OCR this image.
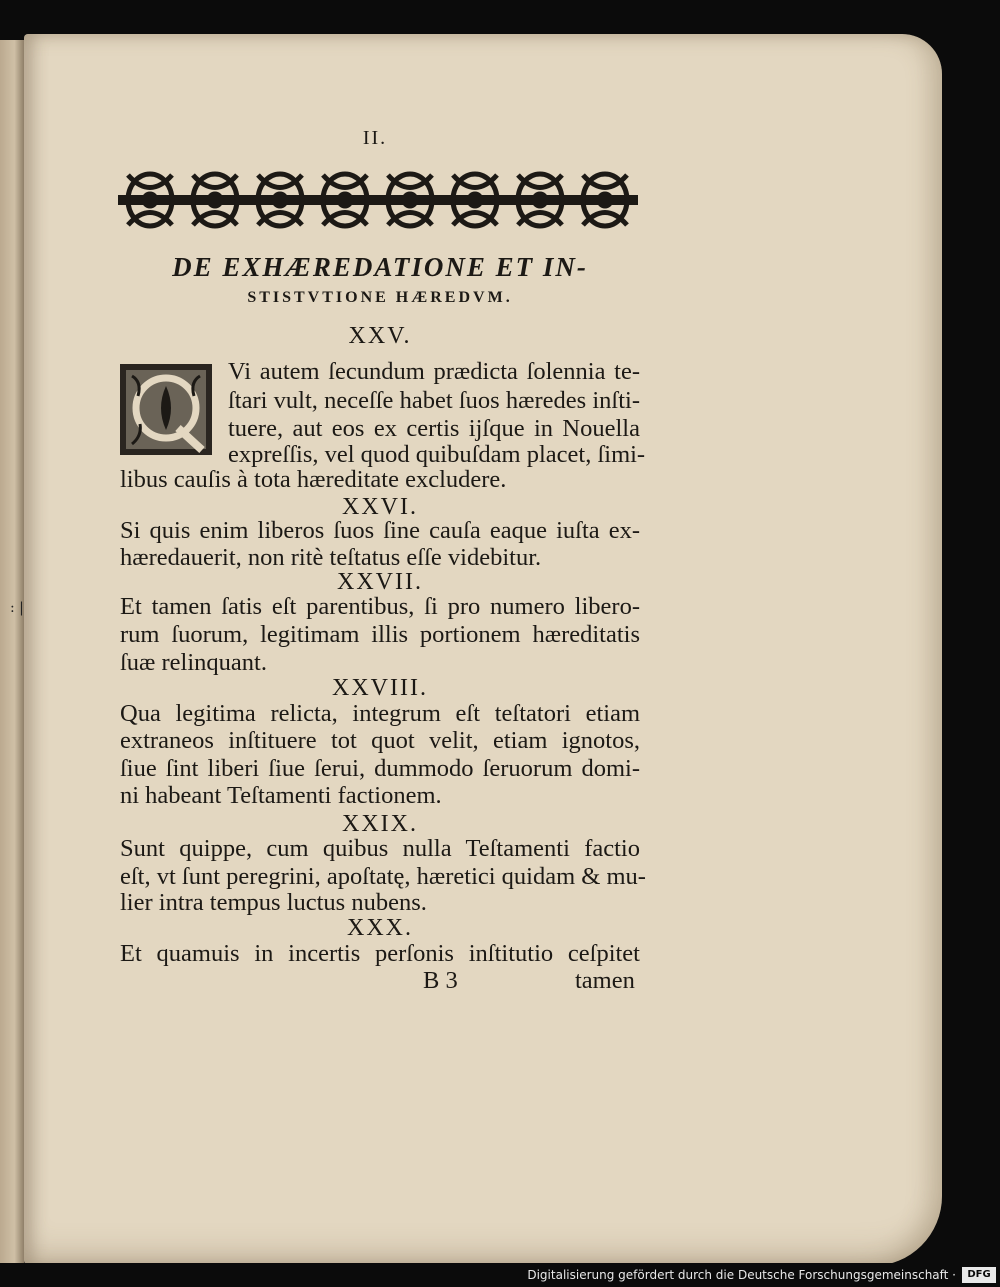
: |
II.
DE EXHÆREDATIONE ET IN-
STISTVTIONE HÆREDVM.
XXV.
Vi autem ſecundum prædicta ſolennia te-
ſtari vult, neceſſe habet ſuos hæredes inſti-
tuere, aut eos ex certis ijſque in Nouella
expreſſis, vel quod quibuſdam placet, ſimi-
libus cauſis à tota hæreditate excludere.
XXVI.
Si quis enim liberos ſuos ſine cauſa eaque iuſta ex-
hæredauerit, non ritè teſtatus eſſe videbitur.
XXVII.
Et tamen ſatis eſt parentibus, ſi pro numero libero-
rum ſuorum, legitimam illis portionem hæreditatis
ſuæ relinquant.
XXVIII.
Qua legitima relicta, integrum eſt teſtatori etiam
extraneos inſtituere tot quot velit, etiam ignotos,
ſiue ſint liberi ſiue ſerui, dummodo ſeruorum domi-
ni habeant Teſtamenti factionem.
XXIX.
Sunt quippe, cum quibus nulla Teſtamenti factio
eſt, vt ſunt peregrini, apoſtatę, hæretici quidam & mu-
lier intra tempus luctus nubens.
XXX.
Et quamuis in incertis perſonis inſtitutio ceſpitet
B 3	tamen
Digitalisierung gefördert durch die Deutsche Forschungsgemeinschaft ·	DFG
